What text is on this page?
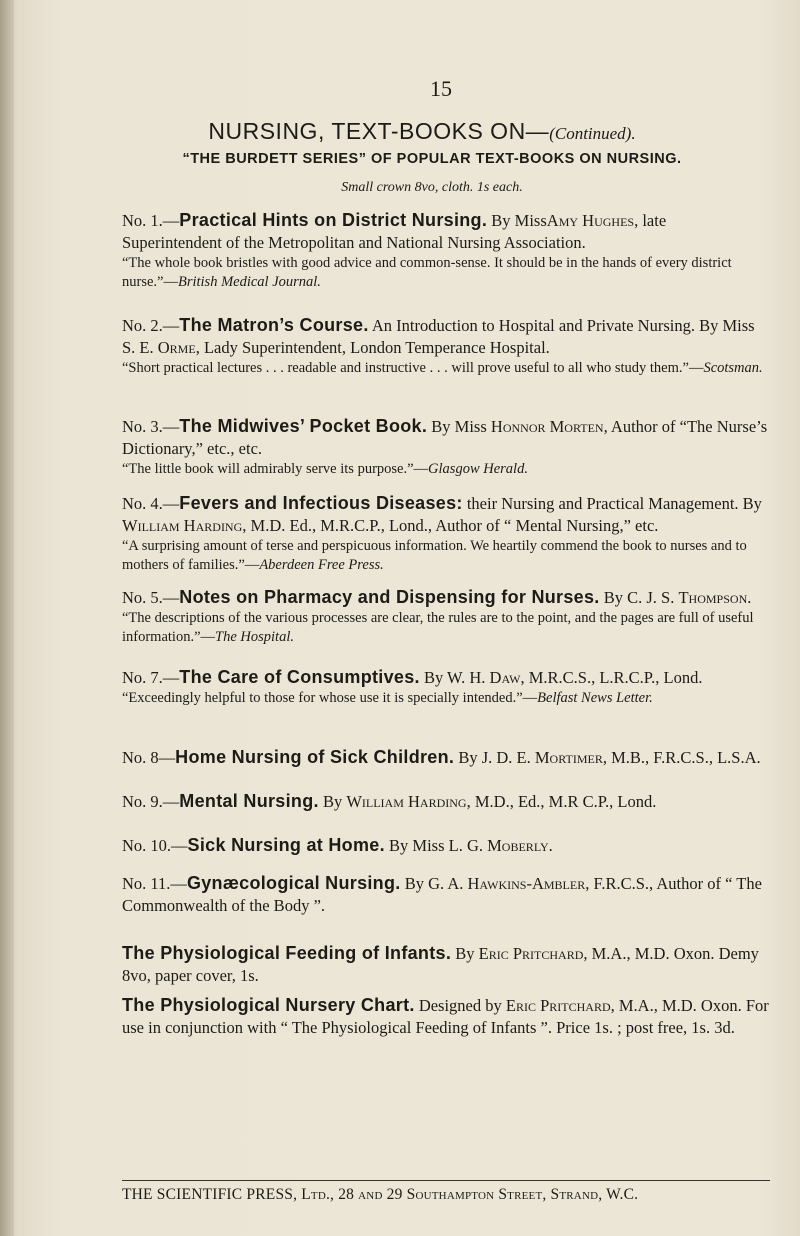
15
NURSING, TEXT-BOOKS ON—(Continued).
“THE BURDETT SERIES” OF POPULAR TEXT-BOOKS ON NURSING.
Small crown 8vo, cloth. 1s each.

No. 1.—Practical Hints on District Nursing. By MissAmy Hughes, late Superintendent of the Metropolitan and National Nursing Association.

“The whole book bristles with good advice and common-sense. It should be in the hands of every district nurse.”—British Medical Journal.

No. 2.—The Matron’s Course. An Introduction to Hospital and Private Nursing. By Miss S. E. Orme, Lady Superintendent, London Temperance Hospital.

“Short practical lectures . . . readable and instructive . . . will prove useful to all who study them.”—Scotsman.

No. 3.—The Midwives’ Pocket Book. By Miss Honnor Morten, Author of “The Nurse’s Dictionary,” etc., etc.

“The little book will admirably serve its purpose.”—Glasgow Herald.

No. 4.—Fevers and Infectious Diseases: their Nursing and Practical Management. By William Harding, M.D. Ed., M.R.C.P., Lond., Author of “ Mental Nursing,” etc.

“A surprising amount of terse and perspicuous information. We heartily commend the book to nurses and to mothers of families.”—Aberdeen Free Press.

No. 5.—Notes on Pharmacy and Dispensing for Nurses. By C. J. S. Thompson.

“The descriptions of the various processes are clear, the rules are to the point, and the pages are full of useful information.”—The Hospital.

No. 7.—The Care of Consumptives. By W. H. Daw, M.R.C.S., L.R.C.P., Lond.

“Exceedingly helpful to those for whose use it is specially intended.”—Belfast News Letter.

No. 8—Home Nursing of Sick Children. By J. D. E. Mortimer, M.B., F.R.C.S., L.S.A.

No. 9.—Mental Nursing. By William Harding, M.D., Ed., M.R C.P., Lond.

No. 10.—Sick Nursing at Home. By Miss L. G. Moberly.

No. 11.—Gynæcological Nursing. By G. A. Hawkins-Ambler, F.R.C.S., Author of “ The Commonwealth of the Body ”.

The Physiological Feeding of Infants. By Eric Pritchard, M.A., M.D. Oxon. Demy 8vo, paper cover, 1s.

The Physiological Nursery Chart. Designed by Eric Pritchard, M.A., M.D. Oxon. For use in conjunction with “ The Physiological Feeding of Infants ”. Price 1s. ; post free, 1s. 3d.

THE SCIENTIFIC PRESS, Ltd., 28 and 29 Southampton Street, Strand, W.C.
